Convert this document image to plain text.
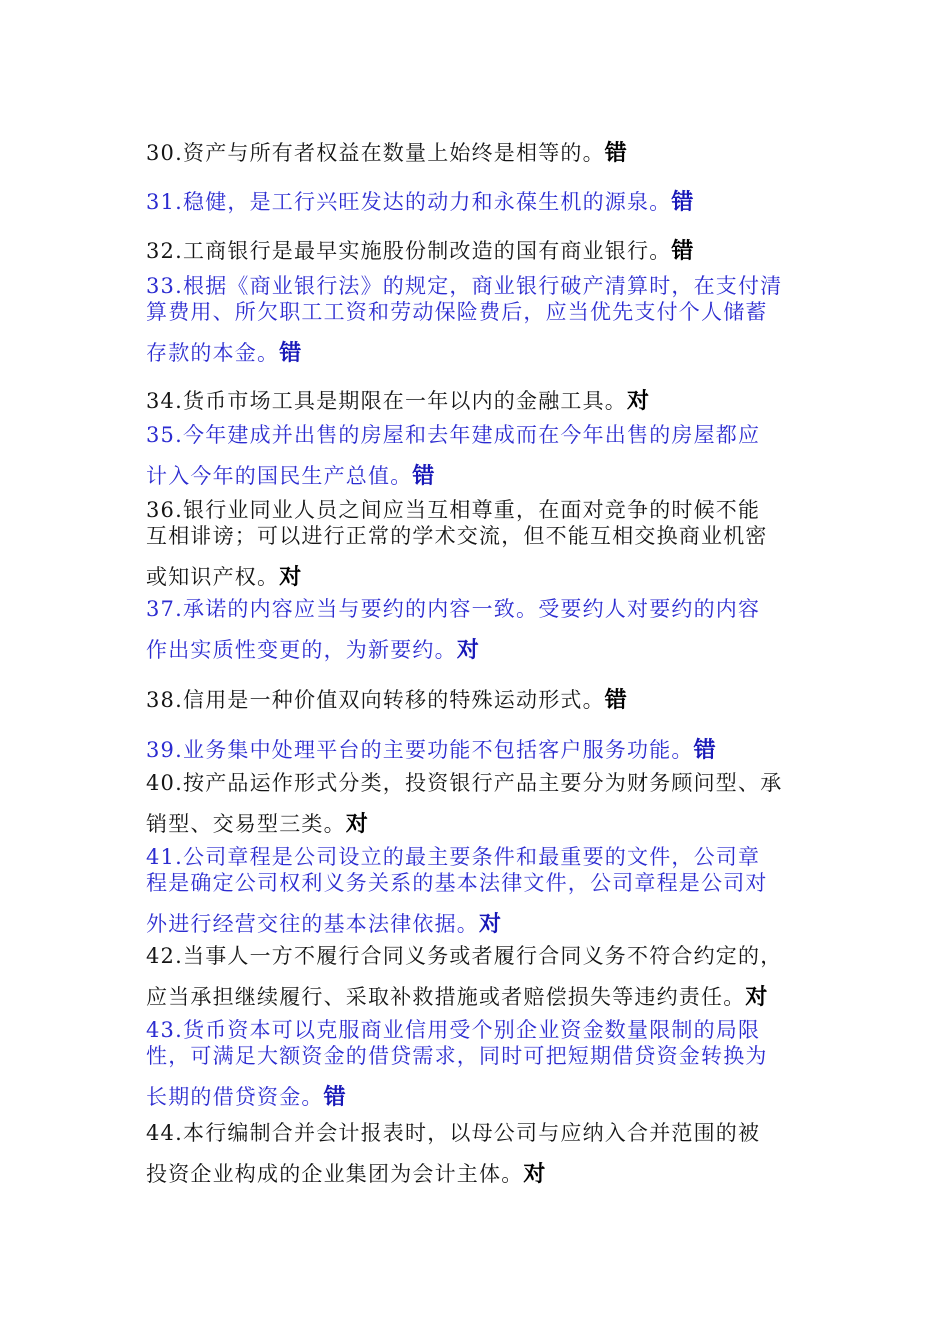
30.资产与所有者权益在数量上始终是相等的。错
31.稳健，是工行兴旺发达的动力和永葆生机的源泉。错
32.工商银行是最早实施股份制改造的国有商业银行。错
33.根据《商业银行法》的规定，商业银行破产清算时，在支付清
算费用、所欠职工工资和劳动保险费后，应当优先支付个人储蓄
存款的本金。错
34.货币市场工具是期限在一年以内的金融工具。对
35.今年建成并出售的房屋和去年建成而在今年出售的房屋都应
计入今年的国民生产总值。错
36.银行业同业人员之间应当互相尊重，在面对竞争的时候不能
互相诽谤；可以进行正常的学术交流，但不能互相交换商业机密
或知识产权。对
37.承诺的内容应当与要约的内容一致。受要约人对要约的内容
作出实质性变更的，为新要约。对
38.信用是一种价值双向转移的特殊运动形式。错
39.业务集中处理平台的主要功能不包括客户服务功能。错
40.按产品运作形式分类，投资银行产品主要分为财务顾问型、承
销型、交易型三类。对
41.公司章程是公司设立的最主要条件和最重要的文件，公司章
程是确定公司权利义务关系的基本法律文件，公司章程是公司对
外进行经营交往的基本法律依据。对
42.当事人一方不履行合同义务或者履行合同义务不符合约定的，
应当承担继续履行、采取补救措施或者赔偿损失等违约责任。对
43.货币资本可以克服商业信用受个别企业资金数量限制的局限
性，可满足大额资金的借贷需求，同时可把短期借贷资金转换为
长期的借贷资金。错
44.本行编制合并会计报表时，以母公司与应纳入合并范围的被
投资企业构成的企业集团为会计主体。对
